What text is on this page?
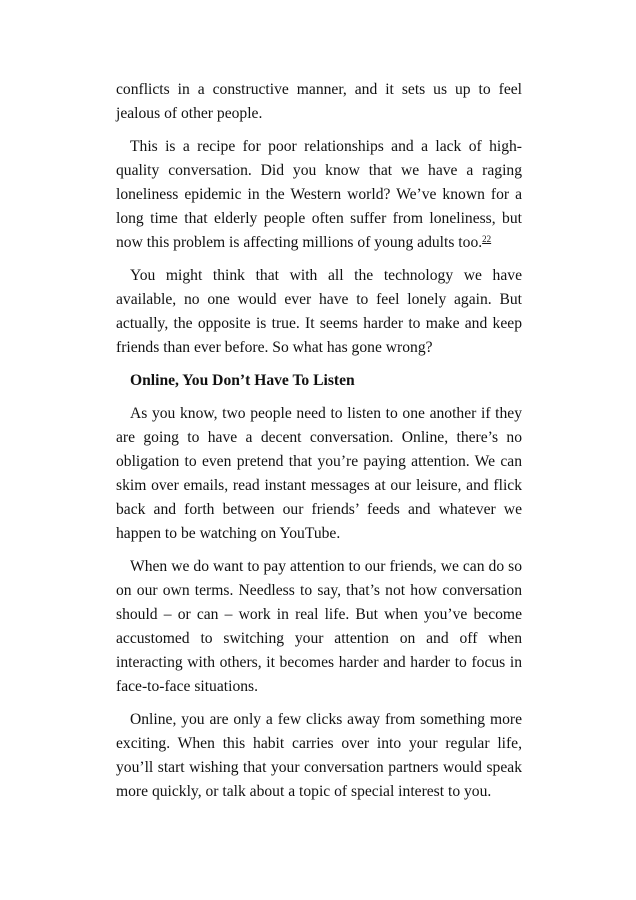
conflicts in a constructive manner, and it sets us up to feel jealous of other people.

This is a recipe for poor relationships and a lack of high-quality conversation. Did you know that we have a raging loneliness epidemic in the Western world? We’ve known for a long time that elderly people often suffer from loneliness, but now this problem is affecting millions of young adults too.$^{22}$

You might think that with all the technology we have available, no one would ever have to feel lonely again. But actually, the opposite is true. It seems harder to make and keep friends than ever before. So what has gone wrong?

Online, You Don’t Have To Listen

As you know, two people need to listen to one another if they are going to have a decent conversation. Online, there’s no obligation to even pretend that you’re paying attention. We can skim over emails, read instant messages at our leisure, and flick back and forth between our friends’ feeds and whatever we happen to be watching on YouTube.

When we do want to pay attention to our friends, we can do so on our own terms. Needless to say, that’s not how conversation should – or can – work in real life. But when you’ve become accustomed to switching your attention on and off when interacting with others, it becomes harder and harder to focus in face-to-face situations.

Online, you are only a few clicks away from something more exciting. When this habit carries over into your regular life, you’ll start wishing that your conversation partners would speak more quickly, or talk about a topic of special interest to you.
